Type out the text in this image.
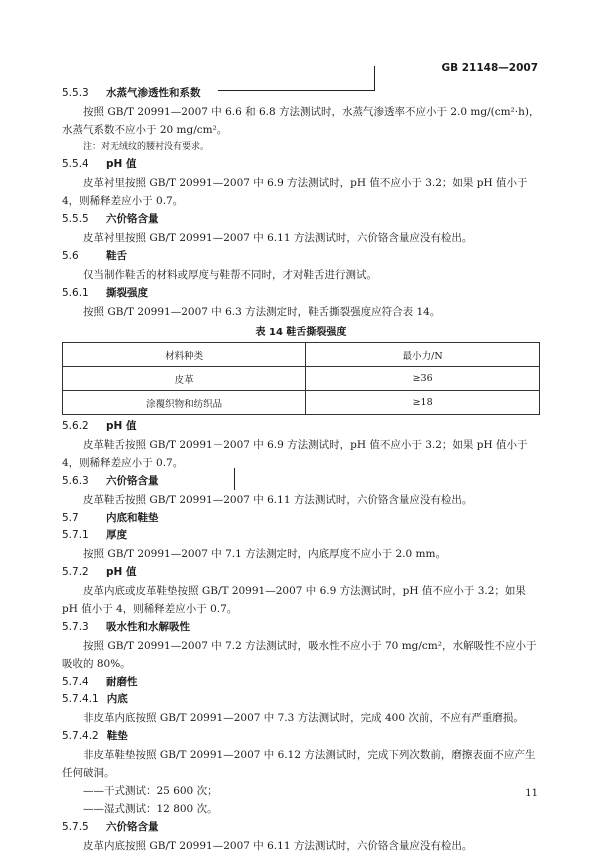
GB 21148—2007
5.5.3 水蒸气渗透性和系数

按照 GB/T 20991—2007 中 6.6 和 6.8 方法测试时，水蒸气渗透率不应小于 2.0 mg/(cm²·h)，水蒸气系数不应小于 20 mg/cm²。

注：对无绒纹的腰衬没有要求。

5.5.4 pH 值

皮革衬里按照 GB/T 20991—2007 中 6.9 方法测试时，pH 值不应小于 3.2；如果 pH 值小于 4，则稀释差应小于 0.7。

5.5.5 六价铬含量

皮革衬里按照 GB/T 20991—2007 中 6.11 方法测试时，六价铬含量应没有检出。

5.6	鞋舌

仅当制作鞋舌的材料或厚度与鞋帮不同时，才对鞋舌进行测试。

5.6.1 撕裂强度

按照 GB/T 20991—2007 中 6.3 方法测定时，鞋舌撕裂强度应符合表 14。

表 14 鞋舌撕裂强度
材料种类	最小力/N
皮革	≥36
涂覆织物和纺织品	≥18
5.6.2 pH 值

皮革鞋舌按照 GB/T 20991－2007 中 6.9 方法测试时，pH 值不应小于 3.2；如果 pH 值小于 4，则稀释差应小于 0.7。

5.6.3 六价铬含量

皮革鞋舌按照 GB/T 20991—2007 中 6.11 方法测试时，六价铬含量应没有检出。

5.7	内底和鞋垫
5.7.1 厚度

按照 GB/T 20991—2007 中 7.1 方法测定时，内底厚度不应小于 2.0 mm。

5.7.2 pH 值

皮革内底或皮革鞋垫按照 GB/T 20991—2007 中 6.9 方法测试时，pH 值不应小于 3.2；如果 pH 值小于 4，则稀释差应小于 0.7。

5.7.3 吸水性和水解吸性

按照 GB/T 20991—2007 中 7.2 方法测试时，吸水性不应小于 70 mg/cm²，水解吸性不应小于吸收的 80%。

5.7.4 耐磨性
5.7.4.1 内底

非皮革内底按照 GB/T 20991—2007 中 7.3 方法测试时，完成 400 次前，不应有严重磨损。

5.7.4.2 鞋垫

非皮革鞋垫按照 GB/T 20991—2007 中 6.12 方法测试时，完成下列次数前，磨擦表面不应产生任何破洞。

——干式测试：25 600 次；

——湿式测试：12 800 次。

5.7.5 六价铬含量

皮革内底按照 GB/T 20991—2007 中 6.11 方法测试时，六价铬含量应没有检出。

11
